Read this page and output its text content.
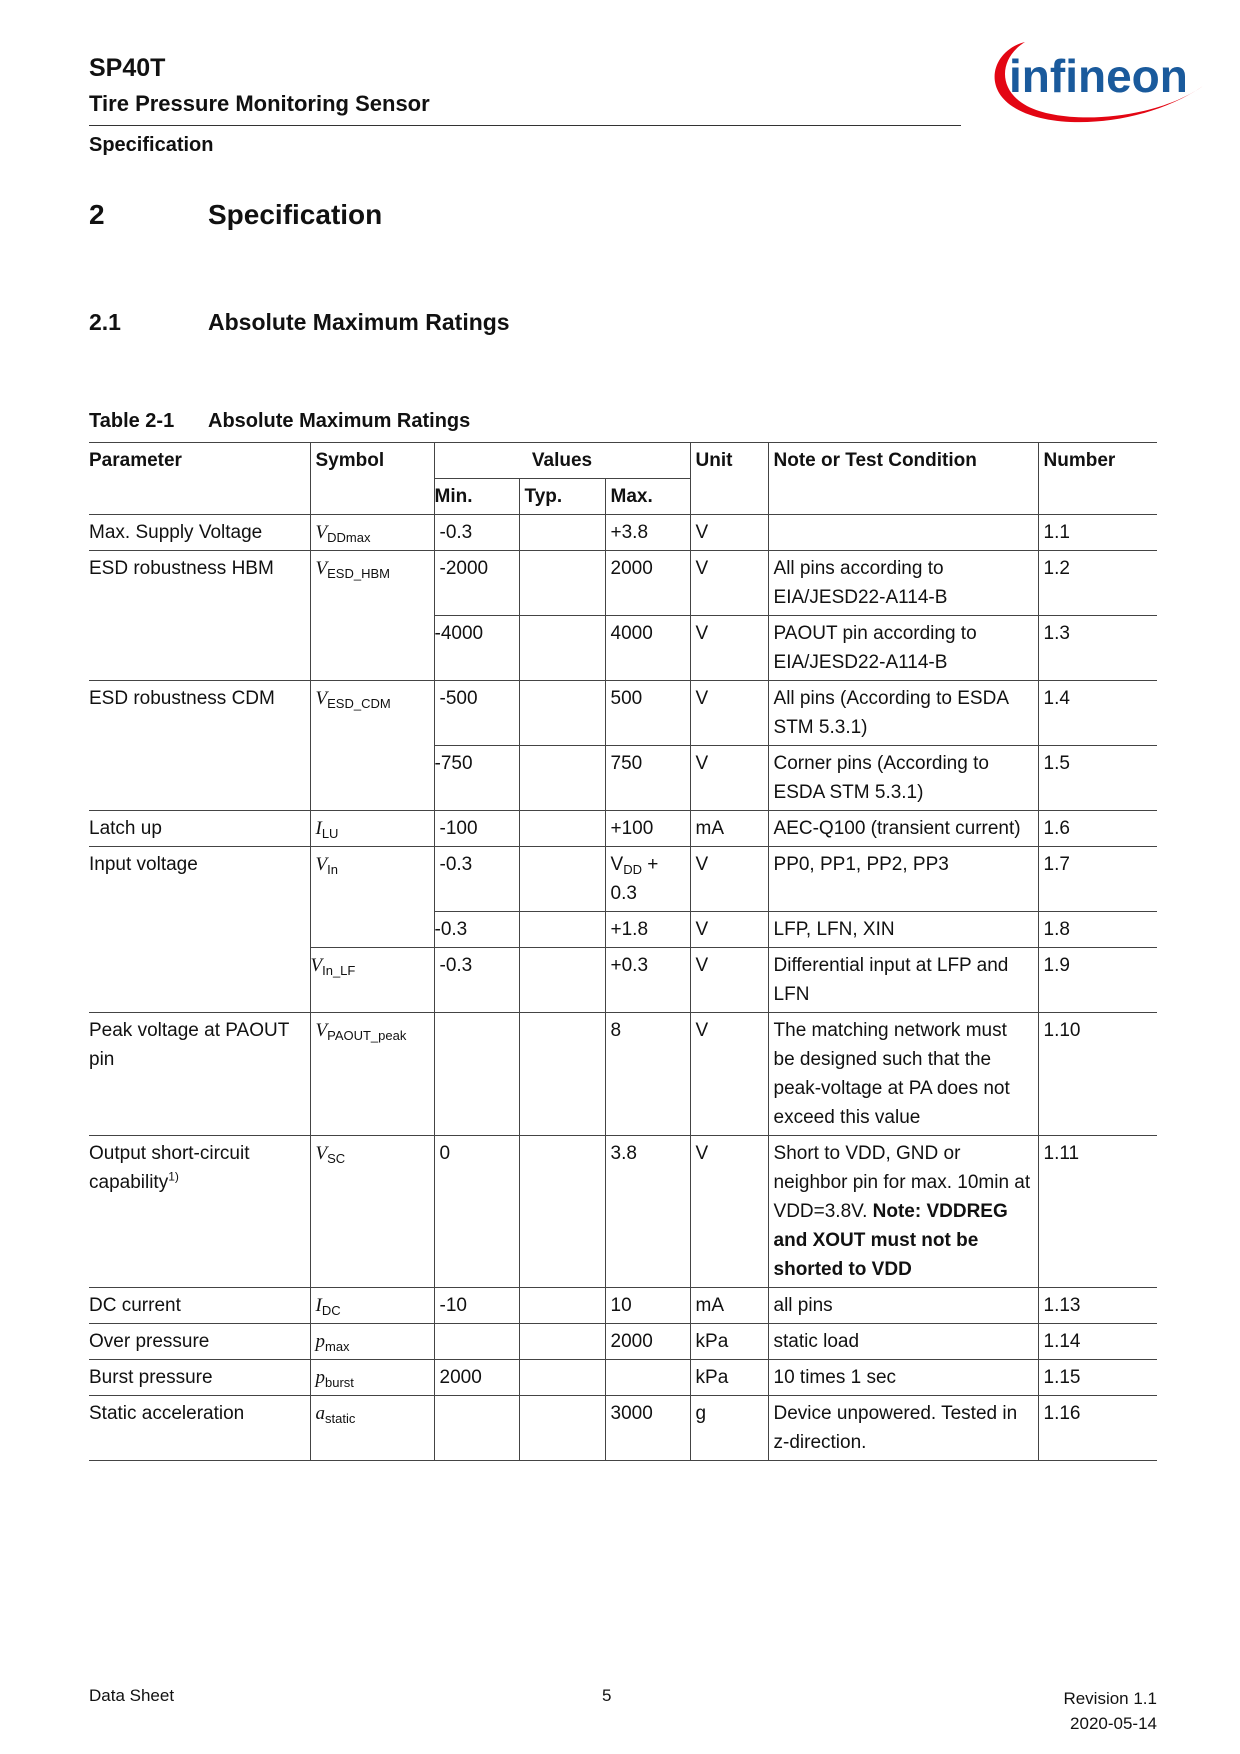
SP40T
Tire Pressure Monitoring Sensor
Specification
infineon
2	Specification
2.1	Absolute Maximum Ratings
Table 2-1 Absolute Maximum Ratings
Parameter	Symbol	Values			Unit	Note or Test Condition	Number
		Min.	Typ.	Max.			
Max. Supply Voltage	$V_{DDmax}$	-0.3		+3.8	V		1.1
ESD robustness HBM	$V_{ESD\_HBM}$	-2000		2000	V	All pins according to EIA/JESD22-A114-B	1.2
		-4000		4000	V	PAOUT pin according to EIA/JESD22-A114-B	1.3
ESD robustness CDM	$V_{ESD\_CDM}$	-500		500	V	All pins (According to ESDA STM 5.3.1)	1.4
		-750		750	V	Corner pins (According to ESDA STM 5.3.1)	1.5
Latch up	$I_{LU}$	-100		+100	mA	AEC-Q100 (transient current)	1.6
Input voltage	$V_{In}$	-0.3		$V_{DD} + 0.3$	V	PP0, PP1, PP2, PP3	1.7
		-0.3		+1.8	V	LFP, LFN, XIN	1.8
	$V_{In\_LF}$	-0.3		+0.3	V	Differential input at LFP and LFN	1.9
Peak voltage at PAOUT pin	$V_{PAOUT\_peak}$			8	V	The matching network must be designed such that the peak-voltage at PA does not exceed this value	1.10
Output short-circuit capability$^{1)}$	$V_{SC}$	0		3.8	V	Short to VDD, GND or neighbor pin for max. 10min at VDD=3.8V. Note: VDDREG and XOUT must not be shorted to VDD	1.11
DC current	$I_{DC}$	-10		10	mA	all pins	1.13
Over pressure	$p_{max}$			2000	kPa	static load	1.14
Burst pressure	$p_{burst}$	2000			kPa	10 times 1 sec	1.15
Static acceleration	$a_{static}$			3000	g	Device unpowered. Tested in z-direction.	1.16
Data Sheet	5	Revision 1.1
2020-05-14
